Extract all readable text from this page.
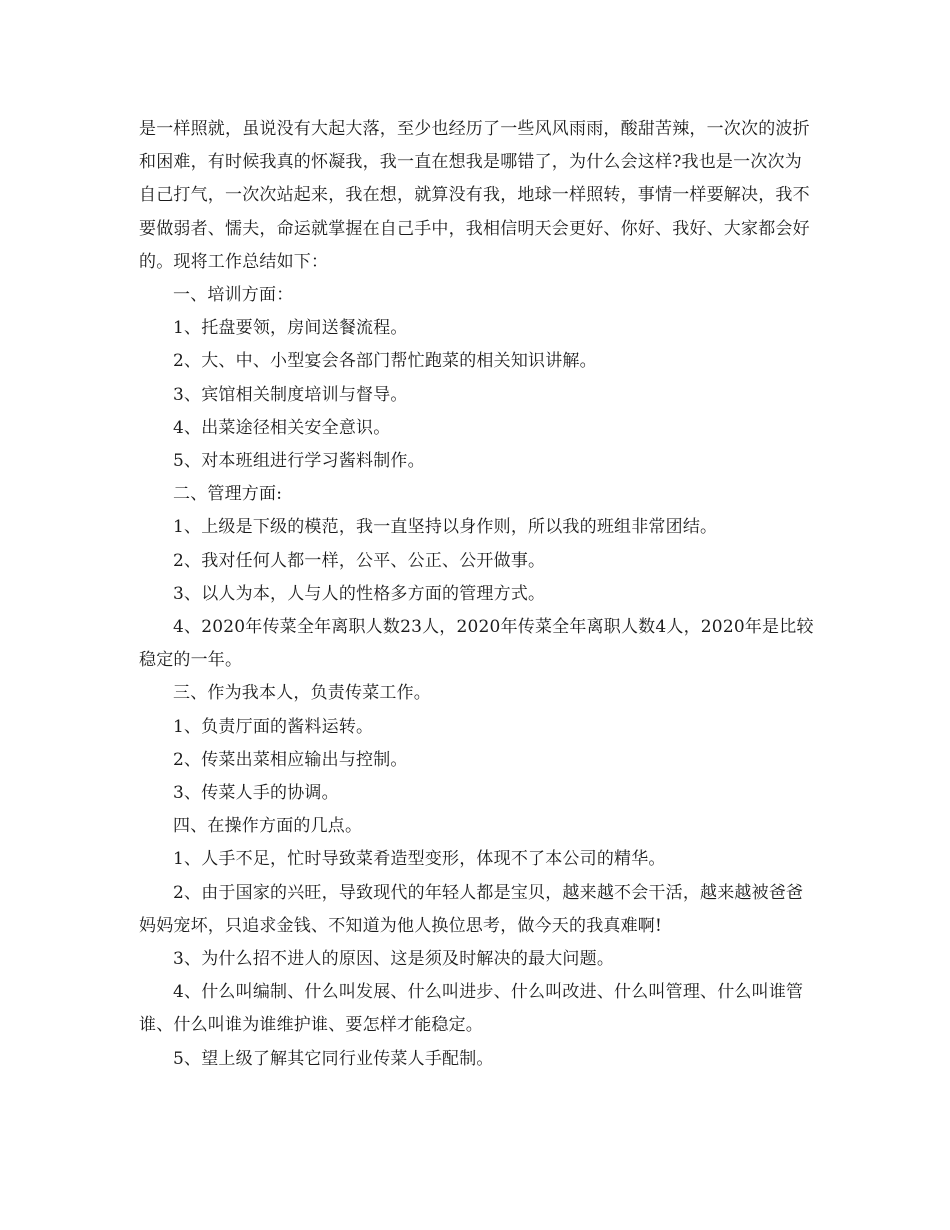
是一样照就，虽说没有大起大落，至少也经历了一些风风雨雨，酸甜苦辣，一次次的波折和困难，有时候我真的怀凝我，我一直在想我是哪错了，为什么会这样?我也是一次次为自己打气，一次次站起来，我在想，就算没有我，地球一样照转，事情一样要解决，我不要做弱者、懦夫，命运就掌握在自己手中，我相信明天会更好、你好、我好、大家都会好的。现将工作总结如下：

一、培训方面：

1、托盘要领，房间送餐流程。

2、大、中、小型宴会各部门帮忙跑菜的相关知识讲解。

3、宾馆相关制度培训与督导。

4、出菜途径相关安全意识。

5、对本班组进行学习酱料制作。

二、管理方面:

1、上级是下级的模范，我一直坚持以身作则，所以我的班组非常团结。

2、我对任何人都一样，公平、公正、公开做事。

3、以人为本，人与人的性格多方面的管理方式。

4、2020年传菜全年离职人数23人，2020年传菜全年离职人数4人，2020年是比较稳定的一年。

三、作为我本人，负责传菜工作。

1、负责厅面的酱料运转。

2、传菜出菜相应输出与控制。

3、传菜人手的协调。

四、在操作方面的几点。

1、人手不足，忙时导致菜肴造型变形，体现不了本公司的精华。

2、由于国家的兴旺，导致现代的年轻人都是宝贝，越来越不会干活，越来越被爸爸妈妈宠坏，只追求金钱、不知道为他人换位思考，做今天的我真难啊!

3、为什么招不进人的原因、这是须及时解决的最大问题。

4、什么叫编制、什么叫发展、什么叫进步、什么叫改进、什么叫管理、什么叫谁管谁、什么叫谁为谁维护谁、要怎样才能稳定。

5、望上级了解其它同行业传菜人手配制。
